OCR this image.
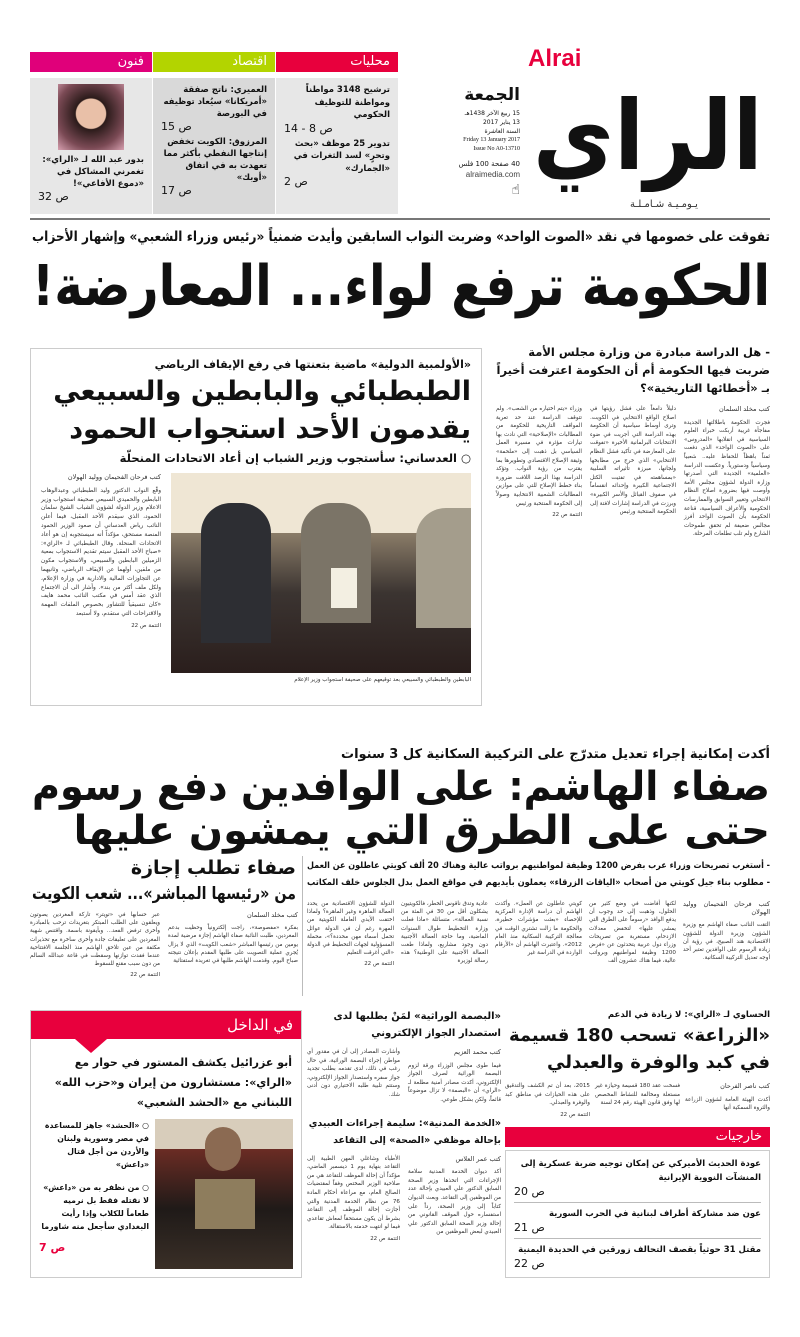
فنون	اقتصاد	محليات
بدور عبد الله لـ «الراي»: تغمرني المشاكل في «دموع الأفاعي»!
ص 32
العميري: ناتج صفقة «أمريكانا» سيُعاد توظيفه في البورصة
ص 15
المرزوق: الكويت تخفض إنتاجها النفطي بأكثر مما تعهدت به في اتفاق «أوبك»
ص 17
ترشيح 3148 مواطناً ومواطنة للتوظيف الحكومي
ص 8 - 14
تدوير 25 موظف «بحث وتحرٍ» لسد الثغرات في «الجمارك»
ص 2
Alrai
الراي
يـومـيـة شـامـلـة
الجمعة
15 ربيع الآخر 1438هـ
13 يناير 2017
السنة العاشرة
Friday 13 January 2017
Issue No A0-13710
40 صفحة 100 فلس
alraimedia.com
☝
تفوقت على خصومها في نقد «الصوت الواحد» وضربت النواب السابقين وأيدت ضمنياً «رئيس وزراء الشعبي» وإشهار الأحزاب
الحكومة ترفع لواء... المعارضة!
- هل الدراسة مبادرة من وزارة مجلس الأمة ضربت فيها الحكومة أم أن الحكومة اعترفت أخيراً بـ «أخطائها التاريخية»؟
كتب مخلد السلمان
فجرت الحكومة باطلالتها الجديدة مفاجأة غريبة أربكت خبراء العلوم السياسية في انقلابها «المدروس» على «الصوت الواحد» الذي دفعت ثمناً باهظاً للحفاظ عليه.. شعبياً وسياسياً ودستورياً. وعكست الدراسة «العلمية» الجديدة التي أصدرتها وزارة الدولة لشؤون مجلس الأمة وأوصت فيها بضرورة اصلاح النظام الانتخابي وتغيير السوابق والممارسات الحكومية والأعراف السياسية، قناعة الحكومة بأن الصوت الواحد أفرز مجالس ضعيفة لم تحقق طموحات الشارع ولم تلب تطلعات المرحلة.
دليلاً دامغاً على فشل رؤيتها في اصلاح الواقع الانتخابي في الكويت. وترى أوساط سياسية أن الحكومة بهذه الدراسة التي أجريت في ضوء الانتخابات البرلمانية الأخيرة «تفوقت على المعارضة في تأكيد فشل النظام الانتخابي» الذي خرج من مطابخها ولجانها، مبرزة تأثيراته السلبية «بمساهمته في تفتيت الكتل الاجتماعية الكبيرة وإحداثه انقساماً في صفوف القبائل والأسر الكبيرة» وبرزت في الدراسة إشارات لافتة إلى الحكومة المنتخبة ورئيس
وزراء «يتم اختياره من الشعب». ولم تتوقف الدراسة عند حد تعرية المواقف التاريخية للحكومة من المطالبات «الإصلاحية» التي نادت بها تيارات مؤثرة في مسيرة العمل السياسي بل ذهبت إلى «ملحمة» وثيقة الإصلاح الاقتصادي وتطويرها بما يقترب من رؤية النواب. وتؤكد الدراسة بهذا الرصد اللافت ضرورة بناء خطط الإصلاح للتي على موازين المطالبات الشعبية الانتخابية وصولاً إلى الحكومة المنتخبة ورئيس
التتمة ص 22
«الأولمبية الدولية» ماضية بتعنتها في رفع الإيقاف الرياضي
الطبطبائي والبابطين والسبيعي
يقدمون الأحد استجواب الحمود
○ العدساني: سأستجوب وزير الشباب إن أعاد الاتحادات المنحلّة
البابطين والطبطبائي والسبيعي بعد توقيعهم على صحيفة استجواب وزير الإعلام
كتب فرحان الفحيمان ووليد الهولان
وقّع النواب الدكتور وليد الطبطبائي وعبدالوهاب البابطين والحميدي السبيعي صحيفة استجواب وزير الاعلام وزير الدولة لشؤون الشباب الشيخ سلمان الحمود، الذي سيقدم الأحد المقبل، فيما أعلن النائب رياض العدساني أن صعود الوزير الحمود المنصة مستحق، مؤكداً أنه سيستجوبه إن هو أعاد الاتحادات المنحلة. وقال الطبطبائي لـ «الراي»: «صباح الأحد المقبل سيتم تقديم الاستجواب بمعية الزميلين البابطين والسبيعي، والاستجواب مكون من ملفين، أولهما عن الإيقاف الرياضي، وثانيهما عن التجاوزات المالية والادارية في وزارة الإعلام، ولكل ملف أكثر من بند». وأشار الى أن الاجتماع الذي عقد أمس في مكتب النائب محمد هايف «كان تنسيقياً للتشاور بخصوص الملفات المهمة والاقتراحات التي ستقدم، ولا أستبعد
التتمة ص 22
أكدت إمكانية إجراء تعديل متدرّج على التركيبة السكانية كل 3 سنوات
صفاء الهاشم: على الوافدين دفع رسوم
حتى على الطرق التي يمشون عليها
- أستغرب تصريحات وزراء عرب بفرض 1200 وظيفة لمواطنيهم برواتب عالية وهناك 20 ألف كويتي عاطلون عن العمل
- مطلوب بناء جيل كويتي من أصحاب «الياقات الزرقاء» يعملون بأيديهم في مواقع العمل بدل الجلوس خلف المكاتب
كتب فرحان الفحيمان ووليد الهولان
التقت النائب صفاء الهاشم مع وزيرة الشؤون وزيرة الدولة للشؤون الاقتصادية هند الصبيح، في رؤية أن زيادة الرسوم على الوافدين تعتبر أحد أوجه تعديل التركيبة السكانية.
لكنها أفاضت في وضع كثير من الحلول، وذهبت إلى حد وجوب أن يدفع الوافد «رسوماً على الطرق التي يمشي عليها» لتخفض معدلات الازدحام، مستغربة من تصريحات وزراء دول عربية يتحدثون عن «فرض 1200 وظيفة لمواطنيهم وبرواتب عالية، فيما هناك عشرون ألف
كويتي عاطلون عن العمل». وأكدت الهاشم أن دراسة الإدارة المركزية للإحصاء «بعثت مؤشرات خطيرة، والحكومة ما زالت تشتري الوقت في معالجة التركيبة السكانية منذ العام 2012». واعتبرت الهاشم أن «الأرقام الواردة في الدراسة غير
عادية وتدق ناقوس الخطر، فالكويتيون يشكلون أقل من 30 في المئة من نسبة العمالة»، متسائلة «ماذا فعلت وزارة التخطيط طوال السنوات الماضية، وما حاجة العمالة الأجنبية دون وجود مشاريع، ولماذا طغت العمالة الأجنبية على الوطنية؟ هذه رسالة لوزيرة
الدولة للشؤون الاقتصادية من يحدد العمالة الماهرة وغير الماهرة؟ ولماذا اختفت الأيدي العاملة الكويتية من المهرة رغم أن في الدولة عوائل تحمل أسماء مهن محددة؟»، محملة المسؤولية لجهات التخطيط في الدولة «التي أغرقت التعليم
التتمة ص 22
صفاء تطلب إجازة
من «رئيسها المباشر»... شعب الكويت
كتب مخلد السلمان
بفكرة «مفصوصة»، راجت إلكترونياً وحظيت بدعم المغردين، طلبت النائبة صفاء الهاشم إجازة مرضية لمدة يومين من رئيسها المباشر «شعب الكويت» الذي لا يزال يُجري عملية التصويت على طلبها المقدم بإعلان نتيجته صباح اليوم. وقدمت الهاشم طلبها في تغريدة استفتائية
عبر حسابها في «تويتر» تاركة المغردين يصوتون ويعلقون على الطلب المبتكر بتغريدات ترحب بالمبادرة وأخرى ترفض الفعد... وبأيقونة باسمة. واقتنص شهية المغردين على تعليقات جادة وأخرى ساخرة مع تحذيرات مكثفة من عين تلاحق الهاشم منذ الجلسة الافتتاحية عندما فقدت توازنها وسقطت في قاعة عبدالله السالم من دون سبب مقنع للسقوط
التتمة ص 22
في الداخل
أبو عزرائيل يكشف المستور في حوار مع «الراي»: مستشارون من إيران و«حزب الله» اللبناني مع «الحشد الشعبي»
○ «الحشد» جاهز للمساعدة في مصر وسورية ولبنان والأردن من أجل قتال «داعش»
○ من نظفر به من «داعش» لا نقتله فقط بل نرميه طعاماً للكلاب وإذا رأيت البغدادي سأجعل منه شاورما
ص 7
«البصمة الوراثية» لمَنْ يطلبها لدى استصدار الجواز الإلكتروني
كتب محمد العزيم
فيما طوى مجلس الوزراء ورقة لزوم البصمة الوراثية لصرف الجواز الإلكتروني، أكدت مصادر أمنية مطلعة لـ «الراي» أن «البصمة» لا تزال موضوعاً قائماً، ولكن بشكل طوعي.
وأشارت المصادر إلى أن في مقدور أي مواطن إجراء البصمة الوراثية، في حال رغب في ذلك، لدى تقدمه بطلب تجديد جواز سفره واستصدار الجواز الإلكتروني، وستتم تلبية طلبه الاختياري دون أدنى شك.
«الخدمة المدنية»: سليمة إجراءات العبيدي بإحالة موظفي «الصحة» إلى التقاعد
كتب عمر العلاس
أكد ديوان الخدمة المدنية سلامة الإجراءات التي اتخذها وزير الصحة السابق الدكتور علي العبيدي بإحالة عدد من الموظفين إلى التقاعد. وبعث الديوان كتاباً إلى وزير الصحة، رداً على استفساره حول الموقف القانوني من إحالة وزير الصحة السابق الدكتور علي العبيدي لبعض الموظفين من
الأطباء وشاغلي المهن الطبية إلى التقاعد بنهاية يوم 1 ديسمبر الماضي، مؤكداً أن إحالة الموظف للتقاعد هي من صلاحية الوزير المختص وفقاً لمقتضيات الصالح العام، مع مراعاة أحكام المادة 76 من نظام الخدمة المدنية والتي أجازت إحالة الموظف إلى التقاعد بشرط أن يكون مستحقاً لمعاش تقاعدي فيما لو انتهت خدمته بالاستقالة.
التتمة ص 22
الحساوي لـ «الراي»: لا زيادة في الدعم
«الزراعة» تسحب 180 قسيمة
في كبد والوفرة والعبدلي
كتب ناصر الفرحان
أكدت الهيئة العامة لشؤون الزراعة والثروة السمكية أنها
فسخت عقد 180 قسيمة وحيازة غير مستغلة ومخالفة للنشاط المخصص لها وفق قانون الهيئة رقم 24 لسنة
2015، بعد أن تم الكشف والتدقيق على هذه الحيازات في مناطق كبد والوفرة والعبدلي.
التتمة ص 22
خارجيات
عودة الحديث الأميركي عن إمكان توجيه ضربة عسكرية إلى المنشآت النووية الإيرانية
ص 20
عون ضد مشاركة أطراف لبنانية في الحرب السورية
ص 21
مقتل 31 حوثياً بقصف التحالف زورقين في الحديدة اليمنية
ص 22
